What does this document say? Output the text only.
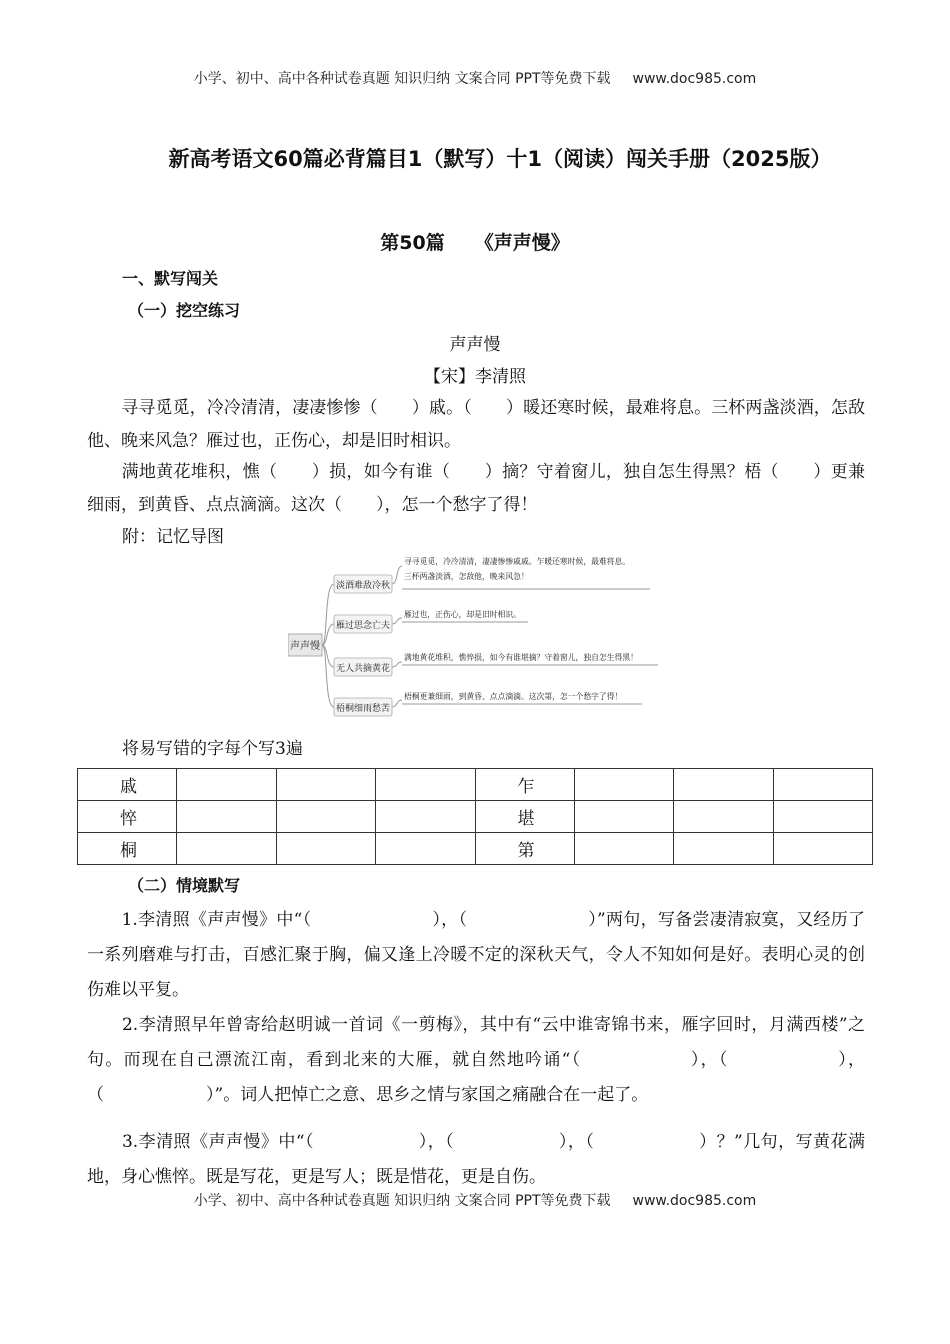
小学、初中、高中各种试卷真题 知识归纳 文案合同 PPT等免费下载 www.doc985.com
新高考语文60篇必背篇目1（默写）十1（阅读）闯关手册（2025版）
第50篇 《声声慢》
一、默写闯关
（一）挖空练习
声声慢
【宋】李清照
　　寻寻觅觅，冷冷清清，凄凄惨惨（　　）戚。（　　）暖还寒时候，最难将息。三杯两盏淡酒，怎敌他、晚来风急？雁过也，正伤心，却是旧时相识。
　　满地黄花堆积，憔（　　）损，如今有谁（　　）摘？守着窗儿，独自怎生得黑？梧（　　）更兼细雨，到黄昏、点点滴滴。这次（　　），怎一个愁字了得！
附：记忆导图
声声慢
淡酒难敌冷秋
雁过思念亡夫
无人共摘黄花
梧桐细雨愁苦
寻寻觅觅，冷冷清清，凄凄惨惨戚戚。乍暖还寒时候，最难将息。
三杯两盏淡酒，怎敌他，晚来风急！
雁过也，正伤心，却是旧时相识。
满地黄花堆积，憔悴损，如今有谁堪摘？守着窗儿，独自怎生得黑！
梧桐更兼细雨，到黄昏、点点滴滴。这次第，怎一个愁字了得！
将易写错的字每个写3遍
戚				乍			
悴				堪			
桐				第			
（二）情境默写
　　1.李清照《声声慢》中“（　　　　　　　），（　　　　　　　）”两句，写备尝凄清寂寞，又经历了一系列磨难与打击，百感汇聚于胸，偏又逢上冷暖不定的深秋天气，令人不知如何是好。表明心灵的创伤难以平复。
　　2.李清照早年曾寄给赵明诚一首词《一剪梅》，其中有“云中谁寄锦书来，雁字回时，月满西楼”之句。而现在自己漂流江南，看到北来的大雁，就自然地吟诵“（　　　　　　），（　　　　　　），（　　　　　　）”。词人把悼亡之意、思乡之情与家国之痛融合在一起了。
　　3.李清照《声声慢》中“（　　　　　　），（　　　　　　），（　　　　　　）？”几句，写黄花满地，身心憔悴。既是写花，更是写人；既是惜花，更是自伤。
小学、初中、高中各种试卷真题 知识归纳 文案合同 PPT等免费下载 www.doc985.com
